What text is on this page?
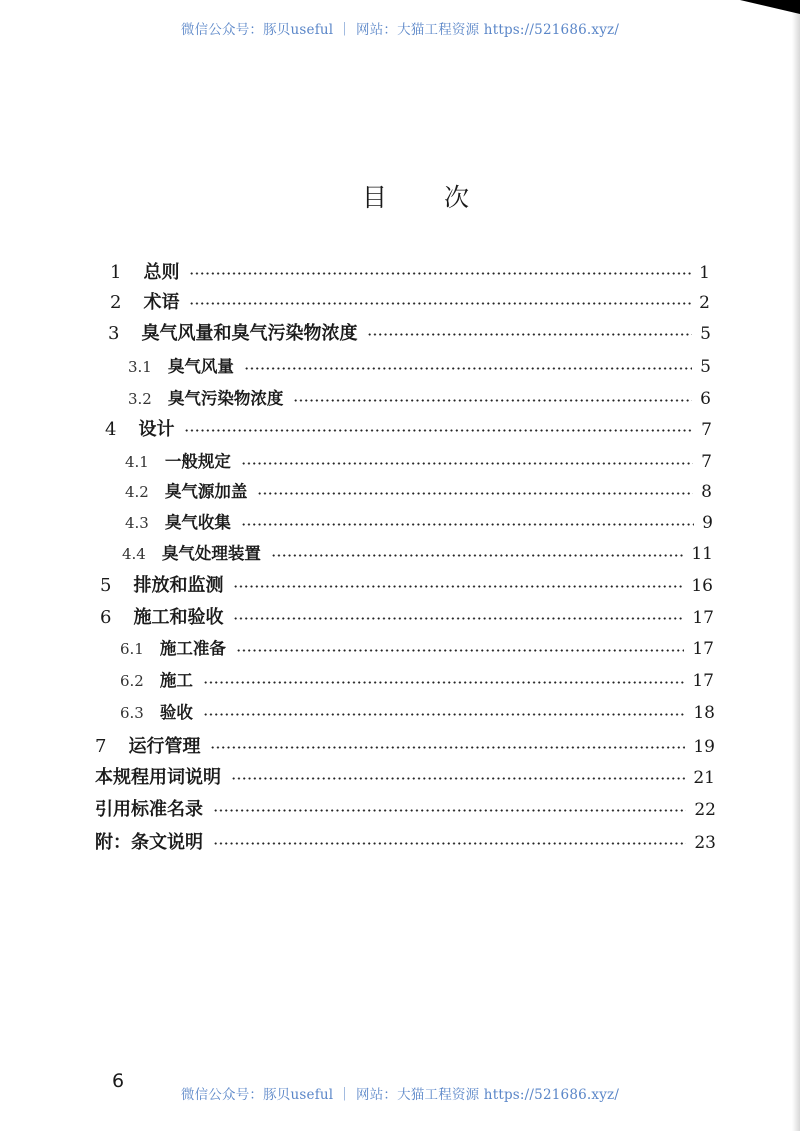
微信公众号：豚贝useful ｜ 网站：大猫工程资源 https://521686.xyz/
目 次
1 总则	1
2 术语	2
3 臭气风量和臭气污染物浓度	5
3.1 臭气风量	5
3.2 臭气污染物浓度	6
4 设计	7
4.1 一般规定	7
4.2 臭气源加盖	8
4.3 臭气收集	9
4.4 臭气处理装置	11
5 排放和监测	16
6 施工和验收	17
6.1 施工准备	17
6.2 施工	17
6.3 验收	18
7 运行管理	19
本规程用词说明	21
引用标准名录	22
附：条文说明	23
6
微信公众号：豚贝useful ｜ 网站：大猫工程资源 https://521686.xyz/
